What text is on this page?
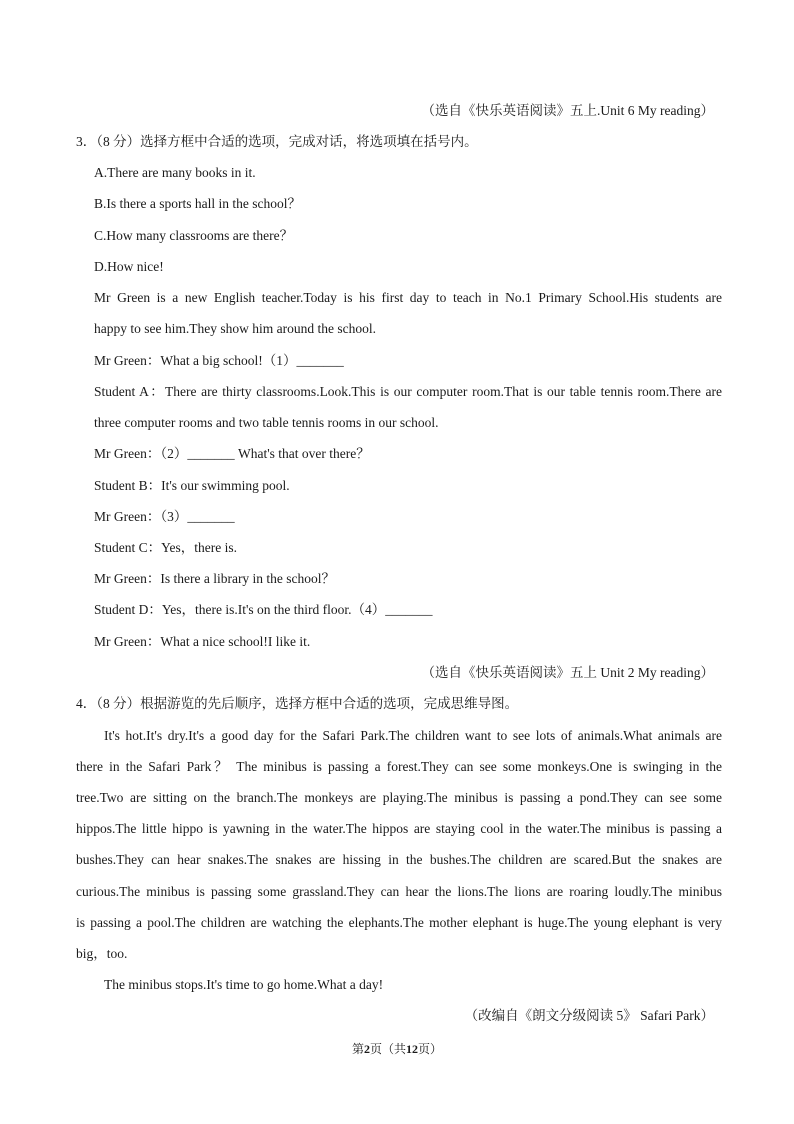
（选自《快乐英语阅读》五上.Unit 6 My reading）
3．（8 分）选择方框中合适的选项，完成对话，将选项填在括号内。
A.There are many books in it.
B.Is there a sports hall in the school？
C.How many classrooms are there？
D.How nice!
Mr Green is a new English teacher.Today is his first day to teach in No.1 Primary School.His students are
happy to see him.They show him around the school.
Mr Green：What a big school!（1）_______
Student A：There are thirty classrooms.Look.This is our computer room.That is our table tennis room.There are
three computer rooms and two table tennis rooms in our school.
Mr Green：（2）_______ What's that over there？
Student B：It's our swimming pool.
Mr Green：（3）_______
Student C：Yes，there is.
Mr Green：Is there a library in the school？
Student D：Yes，there is.It's on the third floor.（4）_______
Mr Green：What a nice school!I like it.
（选自《快乐英语阅读》五上 Unit 2 My reading）
4．（8 分）根据游览的先后顺序，选择方框中合适的选项，完成思维导图。
It's hot.It's dry.It's a good day for the Safari Park.The children want to see lots of animals.What animals are
there in the Safari Park？ The minibus is passing a forest.They can see some monkeys.One is swinging in the
tree.Two are sitting on the branch.The monkeys are playing.The minibus is passing a pond.They can see some
hippos.The little hippo is yawning in the water.The hippos are staying cool in the water.The minibus is passing a
bushes.They can hear snakes.The snakes are hissing in the bushes.The children are scared.But the snakes are
curious.The minibus is passing some grassland.They can hear the lions.The lions are roaring loudly.The minibus
is passing a pool.The children are watching the elephants.The mother elephant is huge.The young elephant is very
big，too.
The minibus stops.It's time to go home.What a day!
（改编自《朗文分级阅读 5》 Safari Park）
第2页（共12页）
